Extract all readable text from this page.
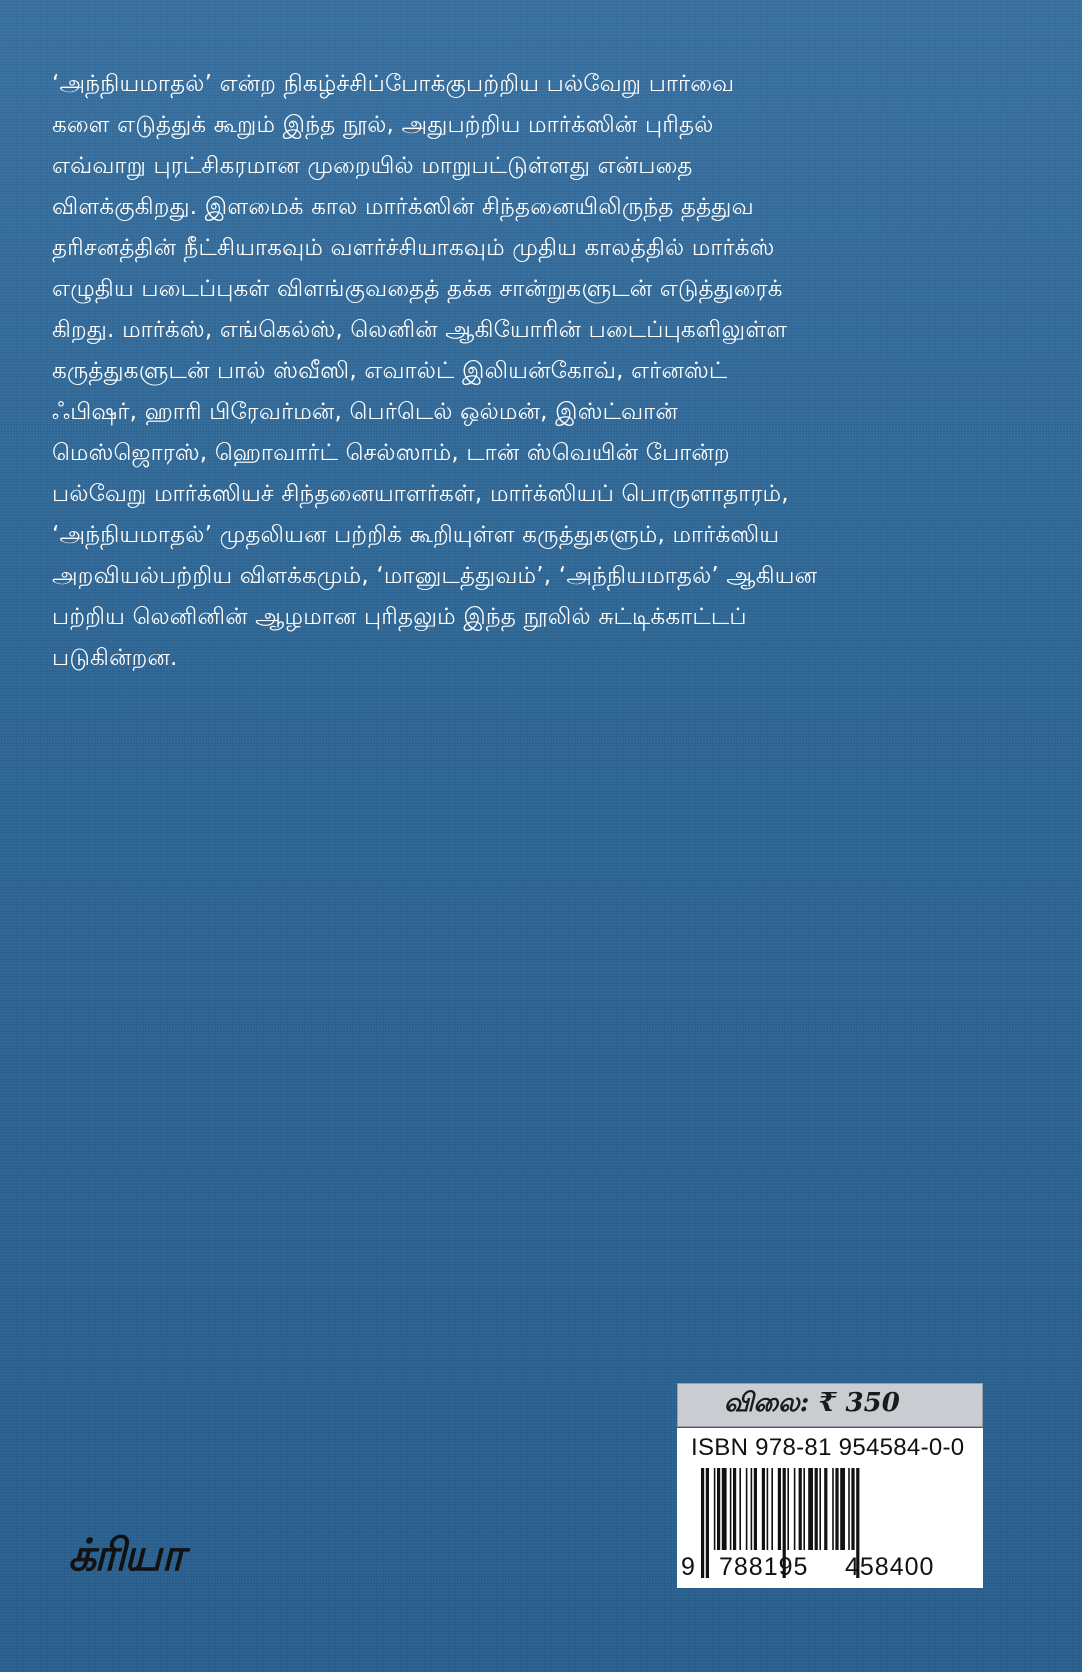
‘அந்நியமாதல்’ என்ற நிகழ்ச்சிப்போக்குபற்றிய பல்வேறு பார்வை
களை எடுத்துக் கூறும் இந்த நூல், அதுபற்றிய மார்க்ஸின் புரிதல்
எவ்வாறு புரட்சிகரமான முறையில் மாறுபட்டுள்ளது என்பதை
விளக்குகிறது. இளமைக் கால மார்க்ஸின் சிந்தனையிலிருந்த தத்துவ
தரிசனத்தின் நீட்சியாகவும் வளர்ச்சியாகவும் முதிய காலத்தில் மார்க்ஸ்
எழுதிய படைப்புகள் விளங்குவதைத் தக்க சான்றுகளுடன் எடுத்துரைக்
கிறது. மார்க்ஸ், எங்கெல்ஸ், லெனின் ஆகியோரின் படைப்புகளிலுள்ள
கருத்துகளுடன் பால் ஸ்வீஸி, எவால்ட் இலியன்கோவ், எர்னஸ்ட்
ஃபிஷர், ஹாரி பிரேவர்மன், பெர்டெல் ஒல்மன், இஸ்ட்வான்
மெஸ்ஜொரஸ், ஹொவார்ட் செல்ஸாம், டான் ஸ்வெயின் போன்ற
பல்வேறு மார்க்ஸியச் சிந்தனையாளர்கள், மார்க்ஸியப் பொருளாதாரம்,
‘அந்நியமாதல்’ முதலியன பற்றிக் கூறியுள்ள கருத்துகளும், மார்க்ஸிய
அறவியல்பற்றிய விளக்கமும், ‘மானுடத்துவம்’, ‘அந்நியமாதல்’ ஆகியன
பற்றிய லெனினின் ஆழமான புரிதலும் இந்த நூலில் சுட்டிக்காட்டப்
படுகின்றன.
விலை: ₹ 350
ISBN 978-81 954584-0-0
9 788195 458400
க்ரியா
